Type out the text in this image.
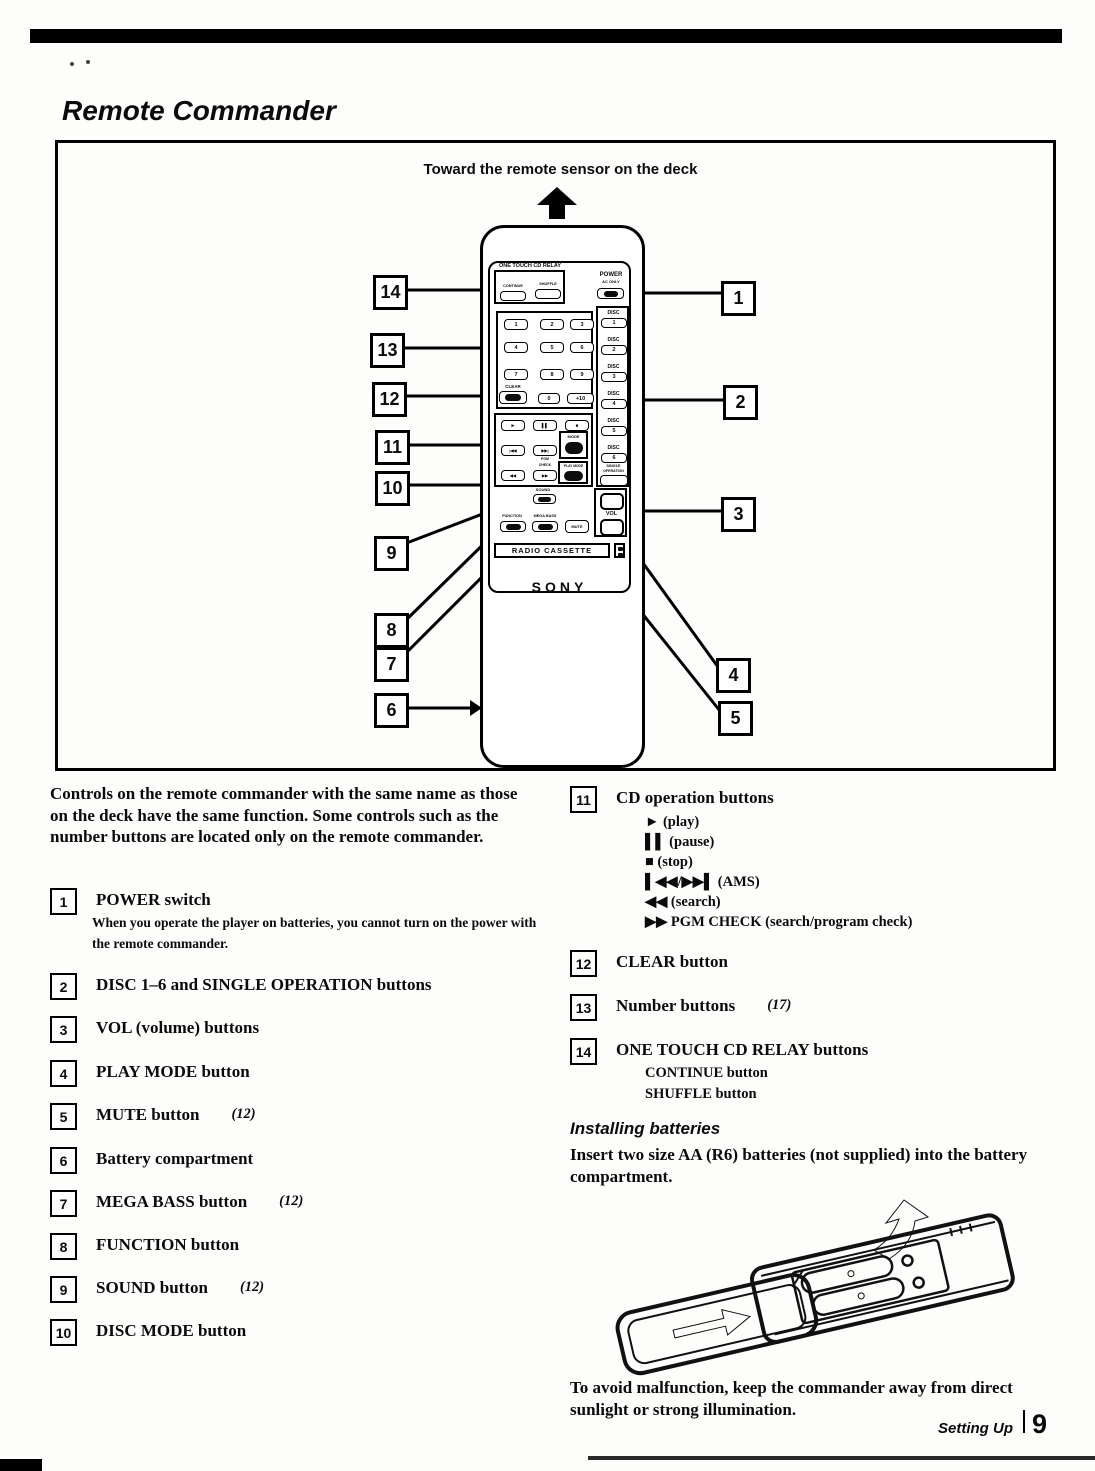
Remote Commander
Toward the remote sensor on the deck
ONE TOUCH CD RELAY
CONTINUE	SHUFFLE
POWER
AC ONLY
1	2	3
4	5	6
7	8	9
CLEAR
0	+10
DISC
1
DISC
2
DISC
3
DISC
4
DISC
5
DISC
6
SINGLE
OPERATION
►	▌▌	■
|◀◀	▶▶|
PGM
CHECK
◀◀	▶▶
MODE
PLAY MODE
SOUND
FUNCTION	MEGA BASS
MUTE
VOL
RADIO CASSETTE
SONY
14
13
12
11
10
9
8
7
6
1
2
3
4
5

Controls on the remote commander with the same name as those on the deck have the same function. Some controls such as the number buttons are located only on the remote commander.

1	POWER switch
When you operate the player on batteries, you cannot turn on the power with the remote commander.
2	DISC 1–6 and SINGLE OPERATION buttons
3	VOL (volume) buttons
4	PLAY MODE button
5	MUTE button (12)
6	Battery compartment
7	MEGA BASS button (12)
8	FUNCTION button
9	SOUND button (12)
10	DISC MODE button
11	CD operation buttons
► (play)
▌▌ (pause)
■ (stop)
▌◀◀/▶▶▌ (AMS)
◀◀ (search)
▶▶ PGM CHECK (search/program check)
12	CLEAR button
13	Number buttons (17)
14	ONE TOUCH CD RELAY buttons
CONTINUE button
SHUFFLE button
Installing batteries
Insert two size AA (R6) batteries (not supplied) into the battery compartment.
To avoid malfunction, keep the commander away from direct sunlight or strong illumination.
Setting Up 9
